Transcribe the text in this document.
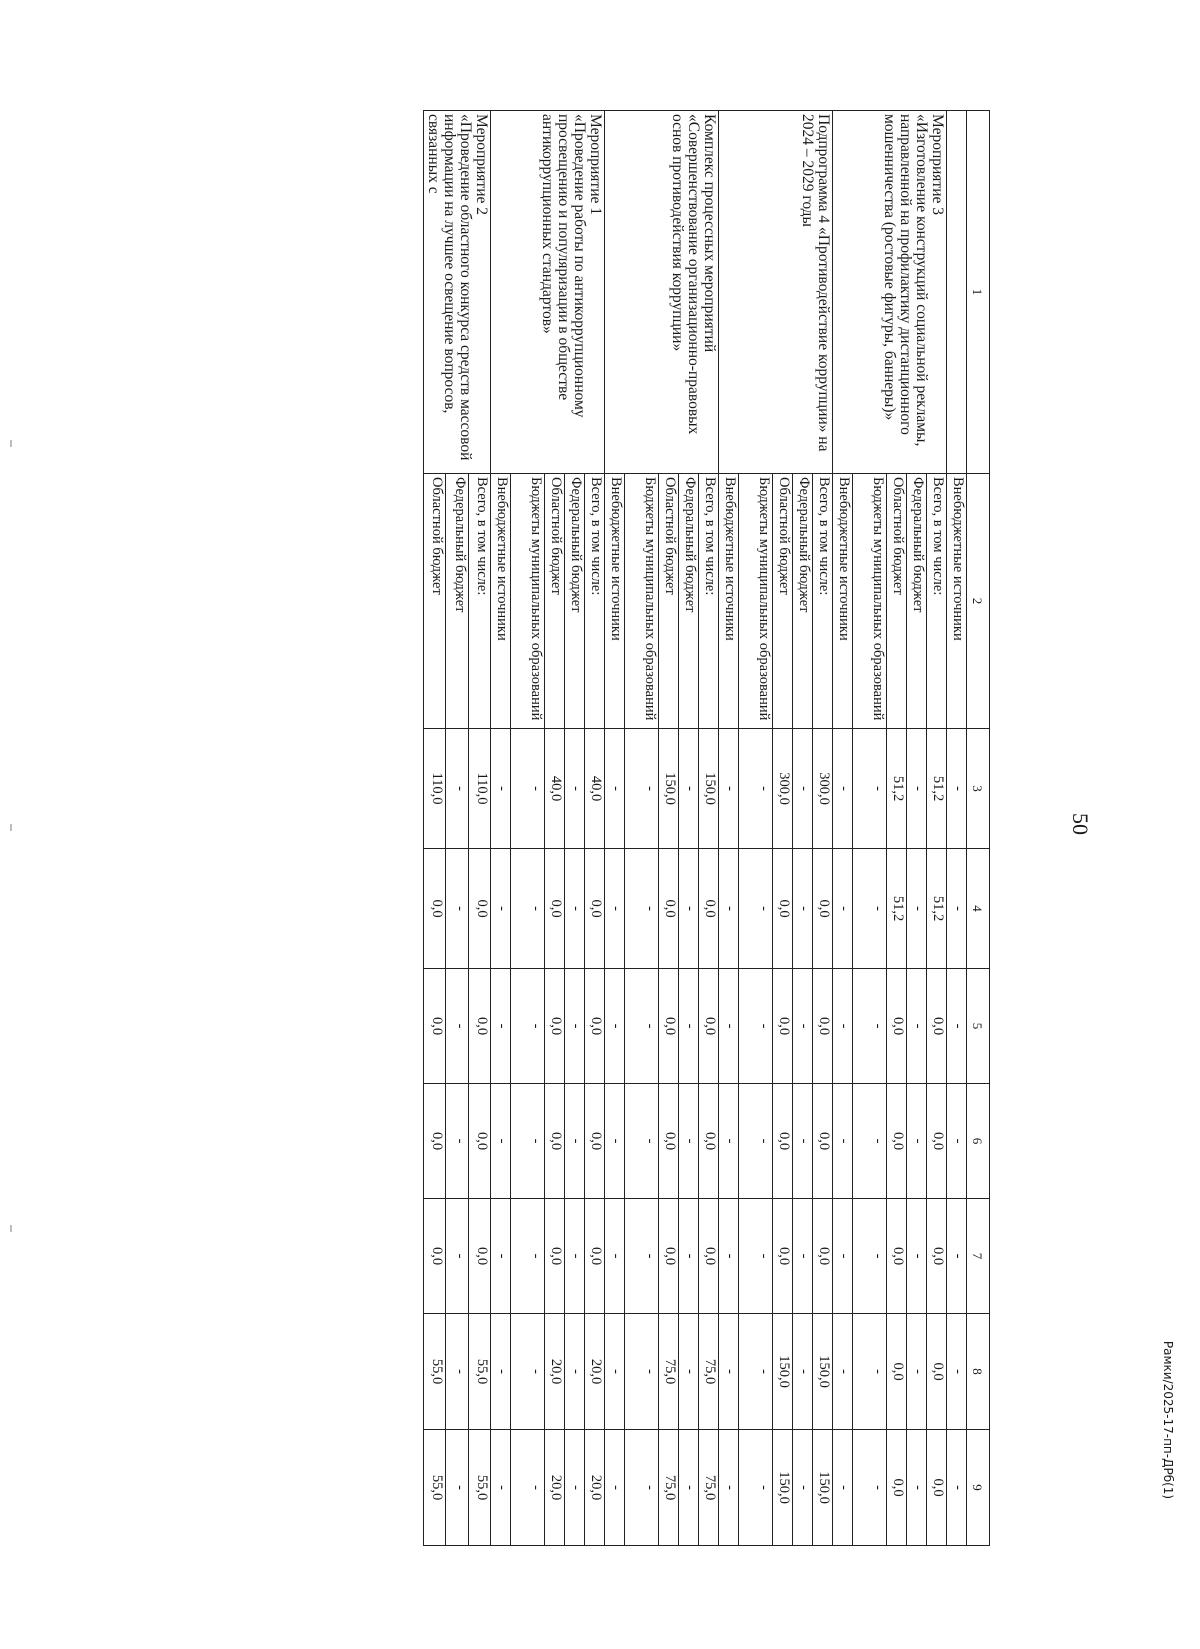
50
Рамки/2025-17-пп-ДРб(1)
1	2	3	4	5	6	7	8	9
	Внебюджетные источники	-	-	-	-	-	-	-
Мероприятие 3
«Изготовление конструкций социальной рекламы, направленной на профилактику дистанционного мошенничества (ростовые фигуры, баннеры)»	Всего, в том числе:	51,2	51,2	0,0	0,0	0,0	0,0	0,0
	Федеральный бюджет	-	-	-	-	-	-	-
	Областной бюджет	51,2	51,2	0,0	0,0	0,0	0,0	0,0
	Бюджеты муниципальных образований	-	-	-	-	-	-	-
	Внебюджетные источники	-	-	-	-	-	-	-
Подпрограмма 4 «Противодействие коррупции» на 2024 – 2029 годы	Всего, в том числе:	300,0	0,0	0,0	0,0	0,0	150,0	150,0
	Федеральный бюджет	-	-	-	-	-	-	-
	Областной бюджет	300,0	0,0	0,0	0,0	0,0	150,0	150,0
	Бюджеты муниципальных образований	-	-	-	-	-	-	-
	Внебюджетные источники	-	-	-	-	-	-	-
Комплекс процессных мероприятий «Совершенствование организационно-правовых основ противодействия коррупции»	Всего, в том числе:	150,0	0,0	0,0	0,0	0,0	75,0	75,0
	Федеральный бюджет	-	-	-	-	-	-	-
	Областной бюджет	150,0	0,0	0,0	0,0	0,0	75,0	75,0
	Бюджеты муниципальных образований	-	-	-	-	-	-	-
	Внебюджетные источники	-	-	-	-	-	-	-
Мероприятие 1
«Проведение работы по антикоррупционному просвещению и популяризации в обществе антикоррупционных стандартов»	Всего, в том числе:	40,0	0,0	0,0	0,0	0,0	20,0	20,0
	Федеральный бюджет	-	-	-	-	-	-	-
	Областной бюджет	40,0	0,0	0,0	0,0	0,0	20,0	20,0
	Бюджеты муниципальных образований	-	-	-	-	-	-	-
	Внебюджетные источники	-	-	-	-	-	-	-
Мероприятие 2
«Проведение областного конкурса средств массовой информации на лучшее освещение вопросов, связанных с	Всего, в том числе:	110,0	0,0	0,0	0,0	0,0	55,0	55,0
	Федеральный бюджет	-	-	-	-	-	-	-
	Областной бюджет	110,0	0,0	0,0	0,0	0,0	55,0	55,0
